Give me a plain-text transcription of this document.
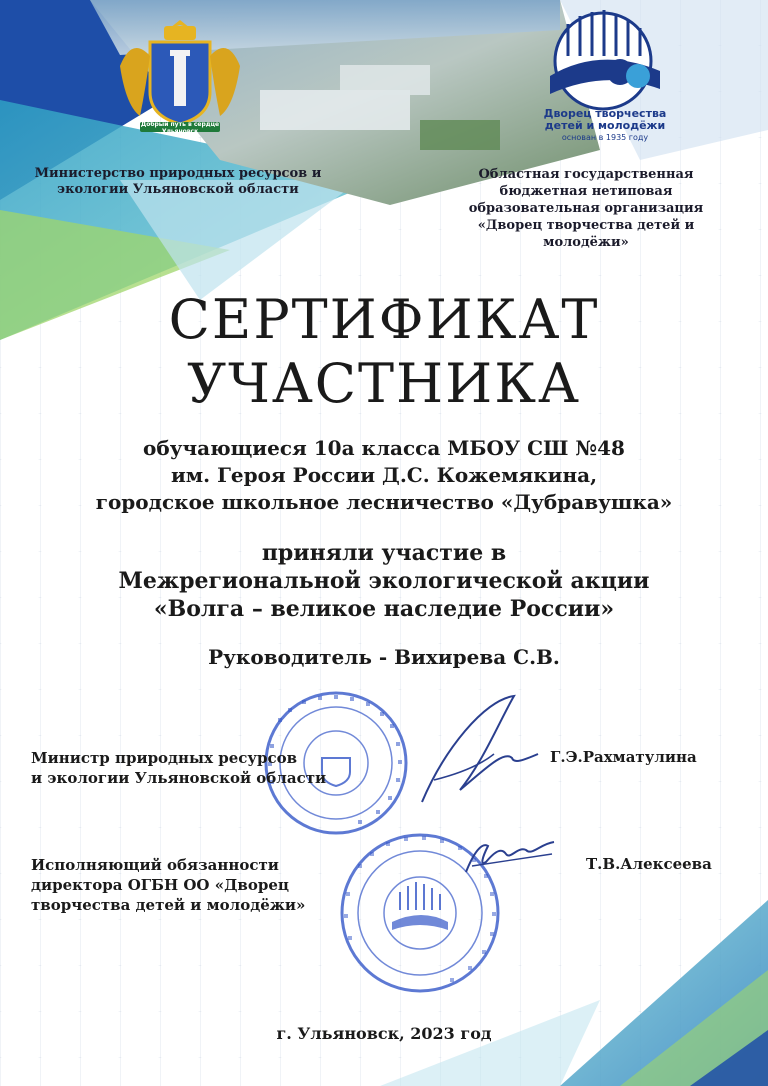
Добрый путь в сердце Ульяновск
Дворец творчества
детей и молодёжи
основан в 1935 году
Министерство природных ресурсов и экологии Ульяновской области
Областная государственная
бюджетная нетиповая
образовательная организация
«Дворец творчества детей и
молодёжи»
СЕРТИФИКАТ
УЧАСТНИКА
обучающиеся 10а класса МБОУ СШ №48
им. Героя России Д.С. Кожемякина,
городское школьное лесничество «Дубравушка»
приняли участие в
Межрегиональной экологической акции
«Волга – великое наследие России»
Руководитель - Вихирева С.В.
Министр природных ресурсов
и экологии Ульяновской области
Г.Э.Рахматулина
Исполняющий обязанности
директора ОГБН ОО «Дворец
творчества детей и молодёжи»
Т.В.Алексеева
г. Ульяновск, 2023 год
